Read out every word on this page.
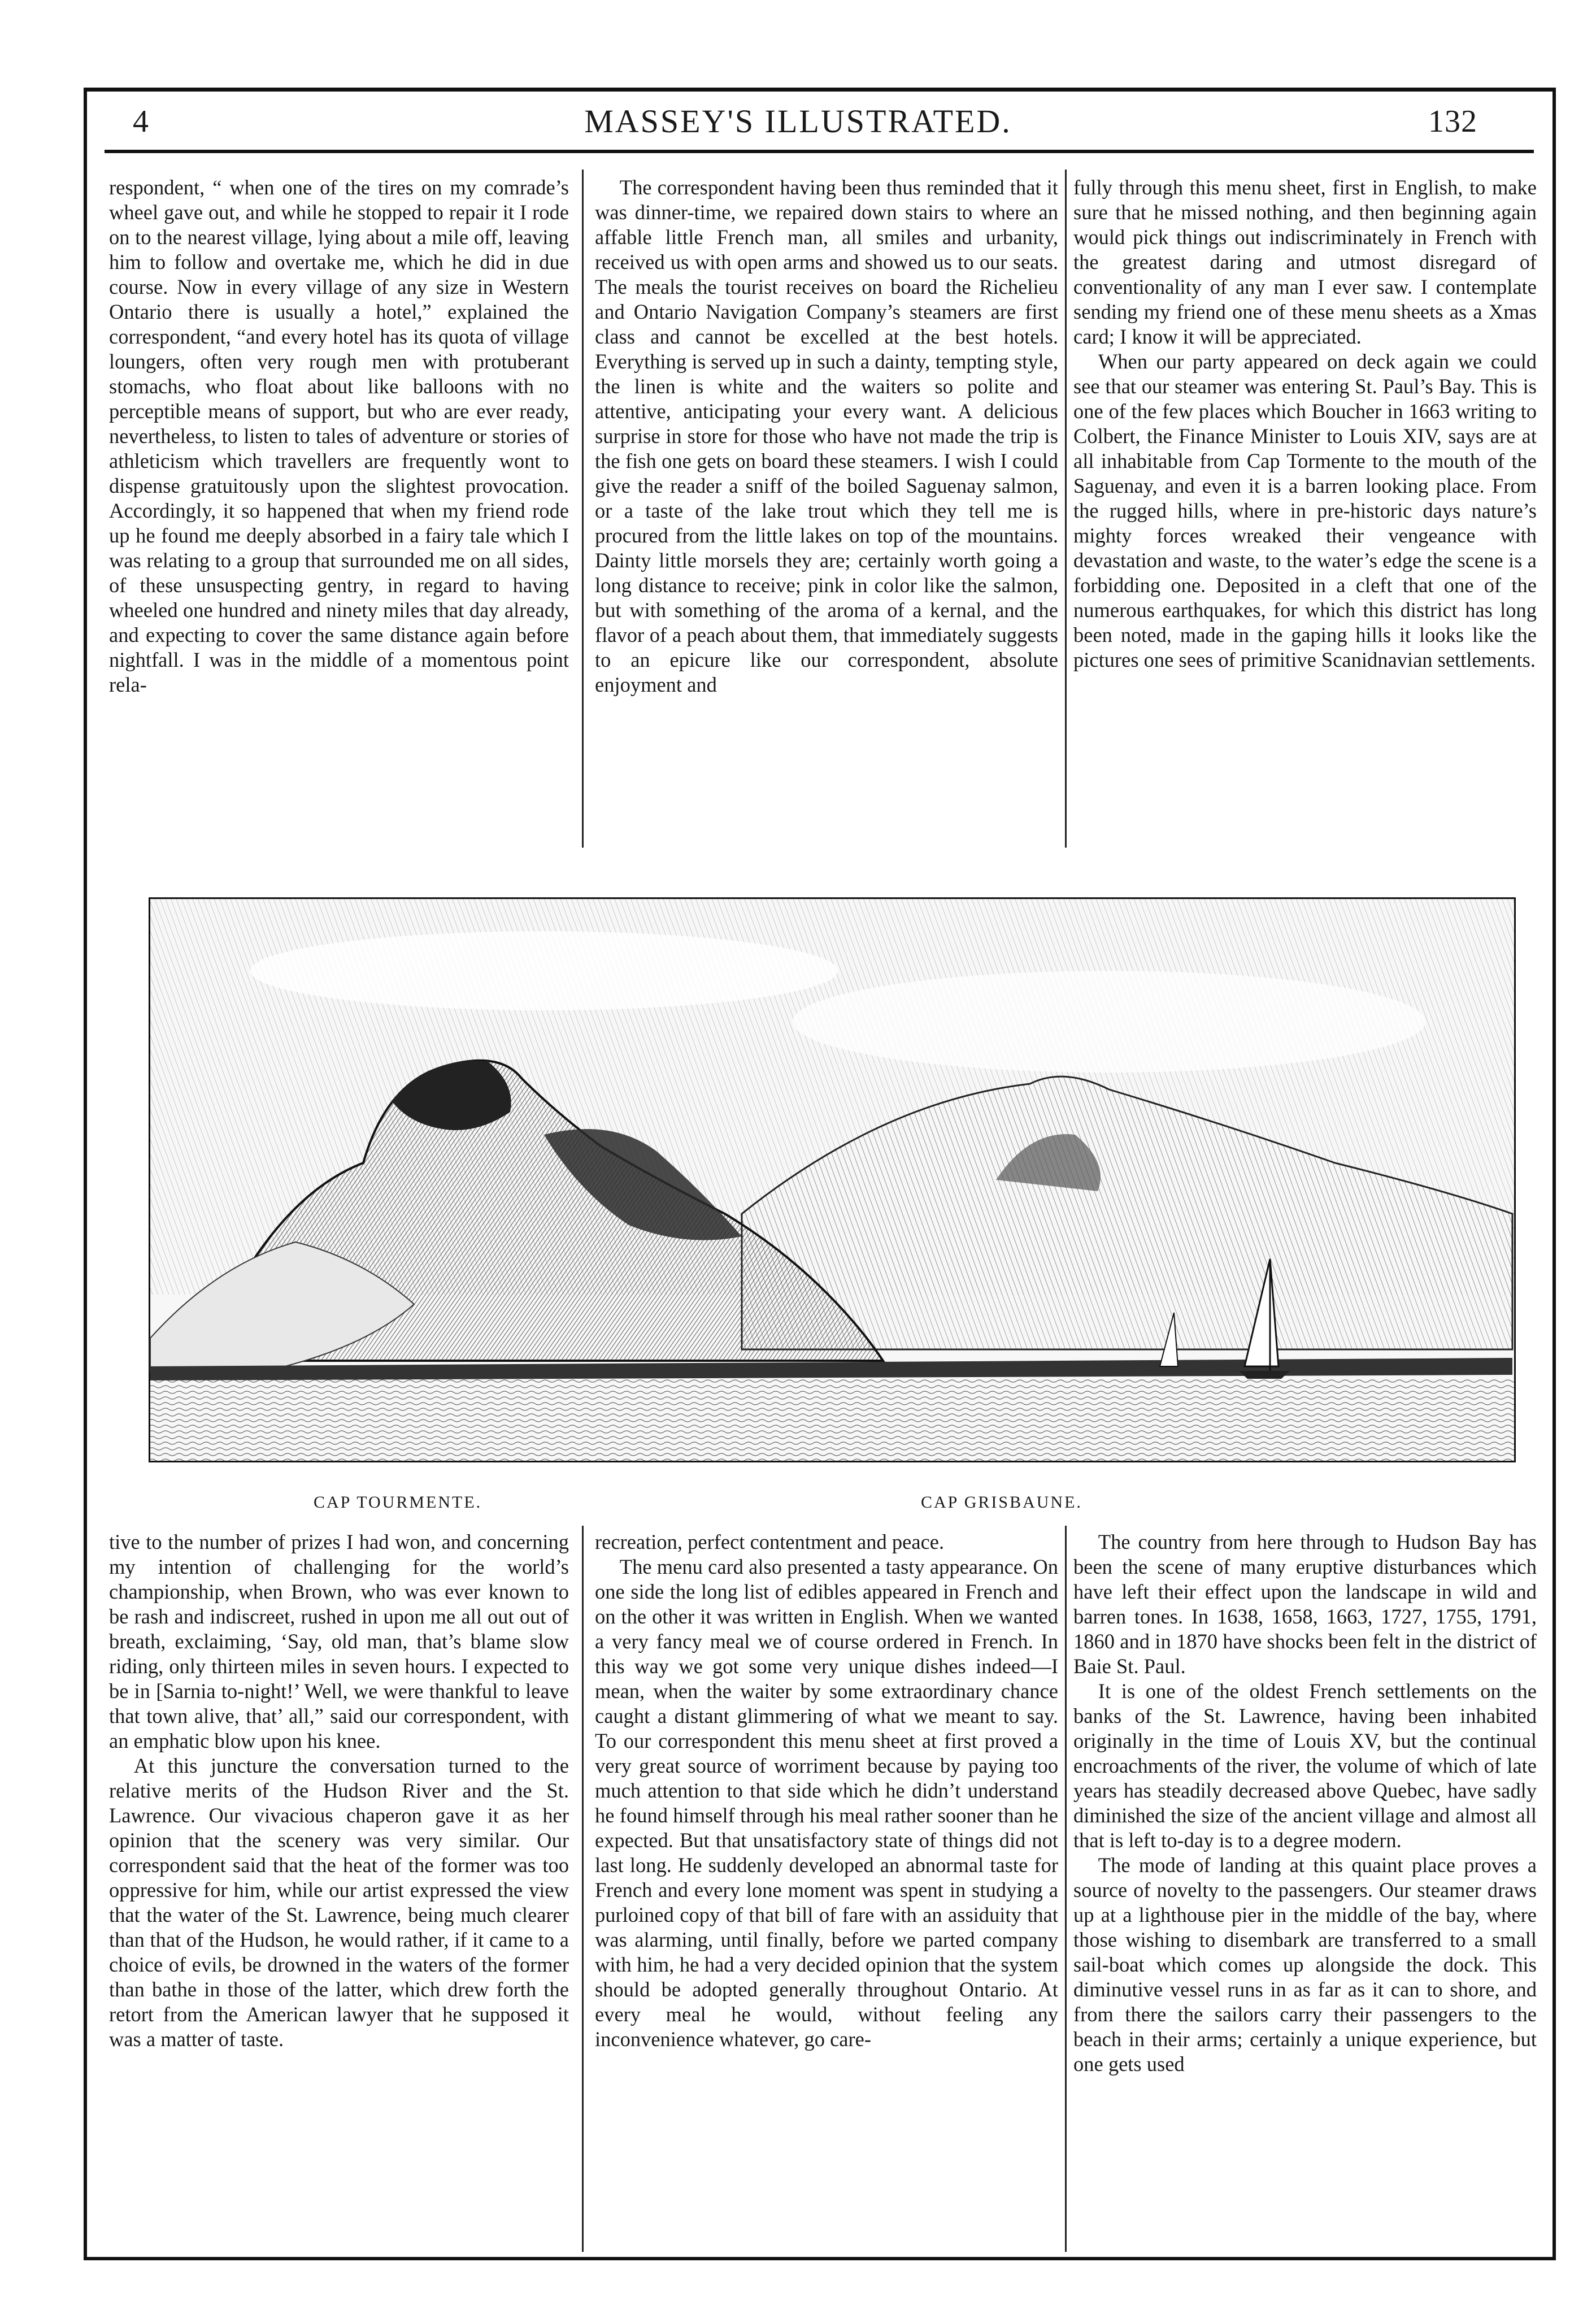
MASSEY'S ILLUSTRATED.
4	132

respondent, “ when one of the tires on my comrade’s wheel gave out, and while he stopped to repair it I rode on to the nearest village, lying about a mile off, leaving him to follow and overtake me, which he did in due course. Now in every village of any size in Western Ontario there is usually a hotel,” explained the correspondent, “and every hotel has its quota of village loungers, often very rough men with protuberant stomachs, who float about like balloons with no perceptible means of support, but who are ever ready, nevertheless, to listen to tales of adventure or stories of athleticism which travellers are frequently wont to dispense gratuitously upon the slightest provocation. Accordingly, it so happened that when my friend rode up he found me deeply absorbed in a fairy tale which I was relating to a group that surrounded me on all sides, of these unsuspecting gentry, in regard to having wheeled one hundred and ninety miles that day already, and expecting to cover the same distance again before nightfall. I was in the middle of a momentous point rela-

The correspondent having been thus reminded that it was dinner-time, we repaired down stairs to where an affable little French man, all smiles and urbanity, received us with open arms and showed us to our seats. The meals the tourist receives on board the Richelieu and Ontario Navigation Company’s steamers are first class and cannot be excelled at the best hotels. Everything is served up in such a dainty, tempting style, the linen is white and the waiters so polite and attentive, anticipating your every want. A delicious surprise in store for those who have not made the trip is the fish one gets on board these steamers. I wish I could give the reader a sniff of the boiled Saguenay salmon, or a taste of the lake trout which they tell me is procured from the little lakes on top of the mountains. Dainty little morsels they are; certainly worth going a long distance to receive; pink in color like the salmon, but with something of the aroma of a kernal, and the flavor of a peach about them, that immediately suggests to an epicure like our correspondent, absolute enjoyment and

fully through this menu sheet, first in English, to make sure that he missed nothing, and then beginning again would pick things out indiscriminately in French with the greatest daring and utmost disregard of conventionality of any man I ever saw. I contemplate sending my friend one of these menu sheets as a Xmas card; I know it will be appreciated.

When our party appeared on deck again we could see that our steamer was entering St. Paul’s Bay. This is one of the few places which Boucher in 1663 writing to Colbert, the Finance Minister to Louis XIV, says are at all inhabitable from Cap Tormente to the mouth of the Saguenay, and even it is a barren looking place. From the rugged hills, where in pre-historic days nature’s mighty forces wreaked their vengeance with devastation and waste, to the water’s edge the scene is a forbidding one. Deposited in a cleft that one of the numerous earthquakes, for which this district has long been noted, made in the gaping hills it looks like the pictures one sees of primitive Scanidnavian settlements.

CAP TOURMENTE.	CAP GRISBAUNE.

tive to the number of prizes I had won, and concerning my intention of challenging for the world’s championship, when Brown, who was ever known to be rash and indiscreet, rushed in upon me all out out of breath, exclaiming, ‘Say, old man, that’s blame slow riding, only thirteen miles in seven hours. I expected to be in [Sarnia to-night!’ Well, we were thankful to leave that town alive, that’ all,” said our correspondent, with an emphatic blow upon his knee.

At this juncture the conversation turned to the relative merits of the Hudson River and the St. Lawrence. Our vivacious chaperon gave it as her opinion that the scenery was very similar. Our correspondent said that the heat of the former was too oppressive for him, while our artist expressed the view that the water of the St. Lawrence, being much clearer than that of the Hudson, he would rather, if it came to a choice of evils, be drowned in the waters of the former than bathe in those of the latter, which drew forth the retort from the American lawyer that he supposed it was a matter of taste.

recreation, perfect contentment and peace.

The menu card also presented a tasty appearance. On one side the long list of edibles appeared in French and on the other it was written in English. When we wanted a very fancy meal we of course ordered in French. In this way we got some very unique dishes indeed—I mean, when the waiter by some extraordinary chance caught a distant glimmering of what we meant to say. To our correspondent this menu sheet at first proved a very great source of worriment because by paying too much attention to that side which he didn’t understand he found himself through his meal rather sooner than he expected. But that unsatisfactory state of things did not last long. He suddenly developed an abnormal taste for French and every lone moment was spent in studying a purloined copy of that bill of fare with an assiduity that was alarming, until finally, before we parted company with him, he had a very decided opinion that the system should be adopted generally throughout Ontario. At every meal he would, without feeling any inconvenience whatever, go care-

The country from here through to Hudson Bay has been the scene of many eruptive disturbances which have left their effect upon the landscape in wild and barren tones. In 1638, 1658, 1663, 1727, 1755, 1791, 1860 and in 1870 have shocks been felt in the district of Baie St. Paul.

It is one of the oldest French settlements on the banks of the St. Lawrence, having been inhabited originally in the time of Louis XV, but the continual encroachments of the river, the volume of which of late years has steadily decreased above Quebec, have sadly diminished the size of the ancient village and almost all that is left to-day is to a degree modern.

The mode of landing at this quaint place proves a source of novelty to the passengers. Our steamer draws up at a lighthouse pier in the middle of the bay, where those wishing to disembark are transferred to a small sail-boat which comes up alongside the dock. This diminutive vessel runs in as far as it can to shore, and from there the sailors carry their passengers to the beach in their arms; certainly a unique experience, but one gets used
